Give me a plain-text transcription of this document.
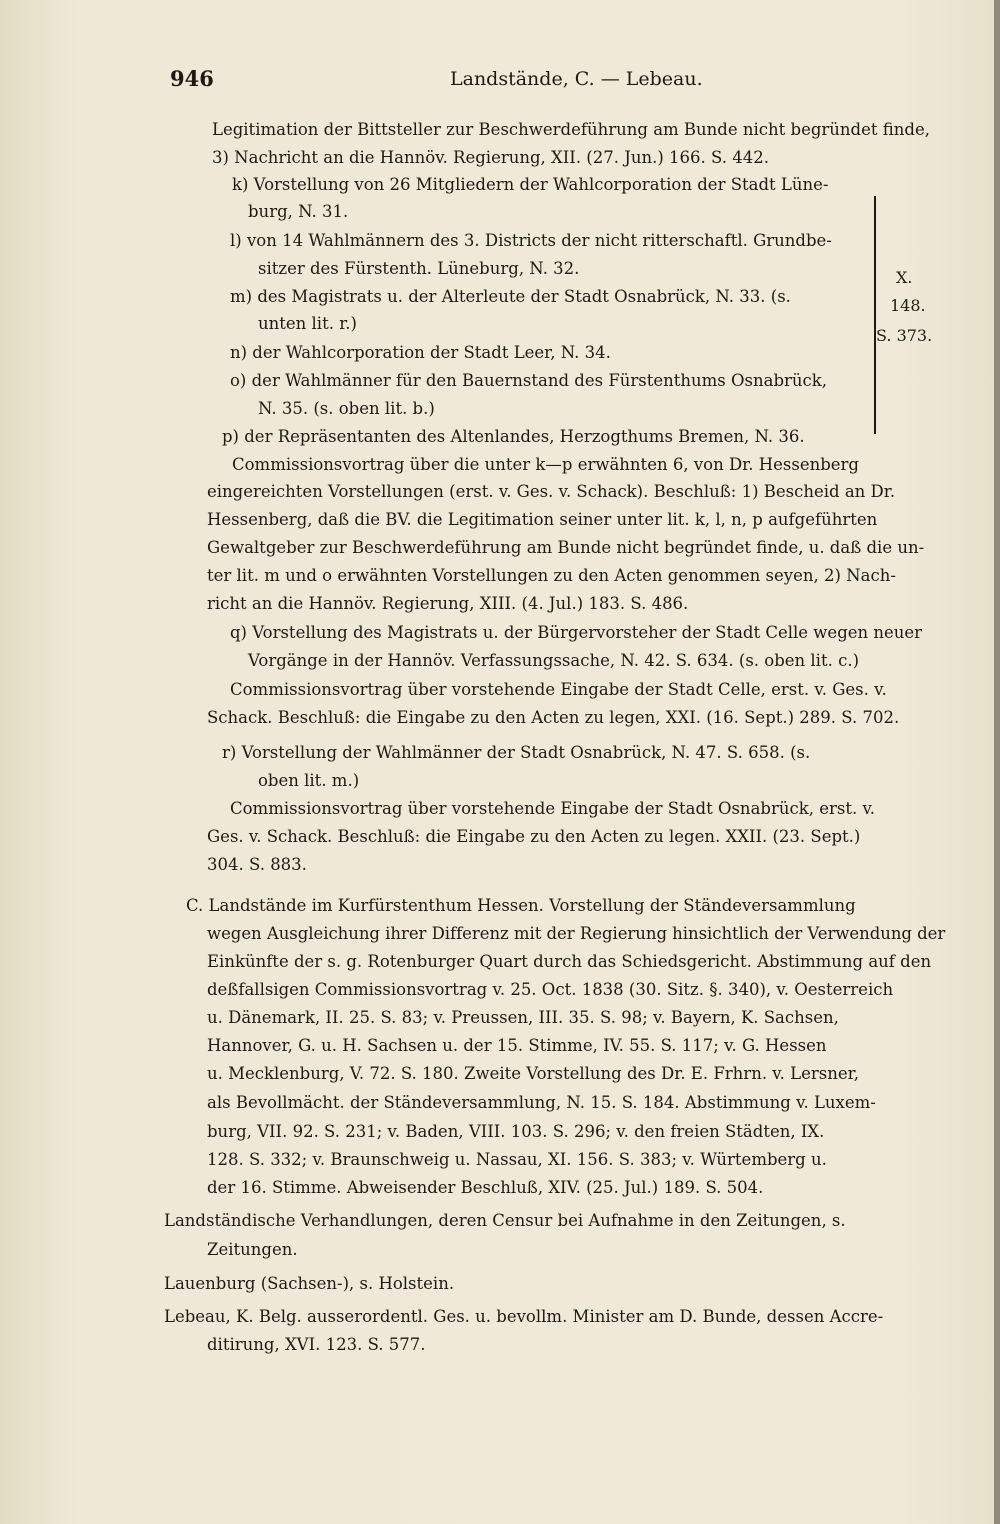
946	Landstände, C. — Lebeau.
X.
148.
S. 373.
Legitimation der Bittsteller zur Beschwerdeführung am Bunde nicht begründet finde,
3) Nachricht an die Hannöv. Regierung, XII. (27. Jun.) 166. S. 442.
k) Vorstellung von 26 Mitgliedern der Wahlcorporation der Stadt Lüne-
burg, N. 31.
l) von 14 Wahlmännern des 3. Districts der nicht ritterschaftl. Grundbe-
sitzer des Fürstenth. Lüneburg, N. 32.
m) des Magistrats u. der Alterleute der Stadt Osnabrück, N. 33. (s.
unten lit. r.)
n) der Wahlcorporation der Stadt Leer, N. 34.
o) der Wahlmänner für den Bauernstand des Fürstenthums Osnabrück,
N. 35. (s. oben lit. b.)
p) der Repräsentanten des Altenlandes, Herzogthums Bremen, N. 36.
Commissionsvortrag über die unter k—p erwähnten 6, von Dr. Hessenberg
eingereichten Vorstellungen (erst. v. Ges. v. Schack). Beschluß: 1) Bescheid an Dr.
Hessenberg, daß die BV. die Legitimation seiner unter lit. k, l, n, p aufgeführten
Gewaltgeber zur Beschwerdeführung am Bunde nicht begründet finde, u. daß die un-
ter lit. m und o erwähnten Vorstellungen zu den Acten genommen seyen, 2) Nach-
richt an die Hannöv. Regierung, XIII. (4. Jul.) 183. S. 486.
q) Vorstellung des Magistrats u. der Bürgervorsteher der Stadt Celle wegen neuer
Vorgänge in der Hannöv. Verfassungssache, N. 42. S. 634. (s. oben lit. c.)
Commissionsvortrag über vorstehende Eingabe der Stadt Celle, erst. v. Ges. v.
Schack. Beschluß: die Eingabe zu den Acten zu legen, XXI. (16. Sept.) 289. S. 702.
r) Vorstellung der Wahlmänner der Stadt Osnabrück, N. 47. S. 658. (s.
oben lit. m.)
Commissionsvortrag über vorstehende Eingabe der Stadt Osnabrück, erst. v.
Ges. v. Schack. Beschluß: die Eingabe zu den Acten zu legen. XXII. (23. Sept.)
304. S. 883.
C. Landstände im Kurfürstenthum Hessen. Vorstellung der Ständeversammlung
wegen Ausgleichung ihrer Differenz mit der Regierung hinsichtlich der Verwendung der
Einkünfte der s. g. Rotenburger Quart durch das Schiedsgericht. Abstimmung auf den
deßfallsigen Commissionsvortrag v. 25. Oct. 1838 (30. Sitz. §. 340), v. Oesterreich
u. Dänemark, II. 25. S. 83; v. Preussen, III. 35. S. 98; v. Bayern, K. Sachsen,
Hannover, G. u. H. Sachsen u. der 15. Stimme, IV. 55. S. 117; v. G. Hessen
u. Mecklenburg, V. 72. S. 180. Zweite Vorstellung des Dr. E. Frhrn. v. Lersner,
als Bevollmächt. der Ständeversammlung, N. 15. S. 184. Abstimmung v. Luxem-
burg, VII. 92. S. 231; v. Baden, VIII. 103. S. 296; v. den freien Städten, IX.
128. S. 332; v. Braunschweig u. Nassau, XI. 156. S. 383; v. Würtemberg u.
der 16. Stimme. Abweisender Beschluß, XIV. (25. Jul.) 189. S. 504.
Landständische Verhandlungen, deren Censur bei Aufnahme in den Zeitungen, s.
Zeitungen.
Lauenburg (Sachsen-), s. Holstein.
Lebeau, K. Belg. ausserordentl. Ges. u. bevollm. Minister am D. Bunde, dessen Accre-
ditirung, XVI. 123. S. 577.
